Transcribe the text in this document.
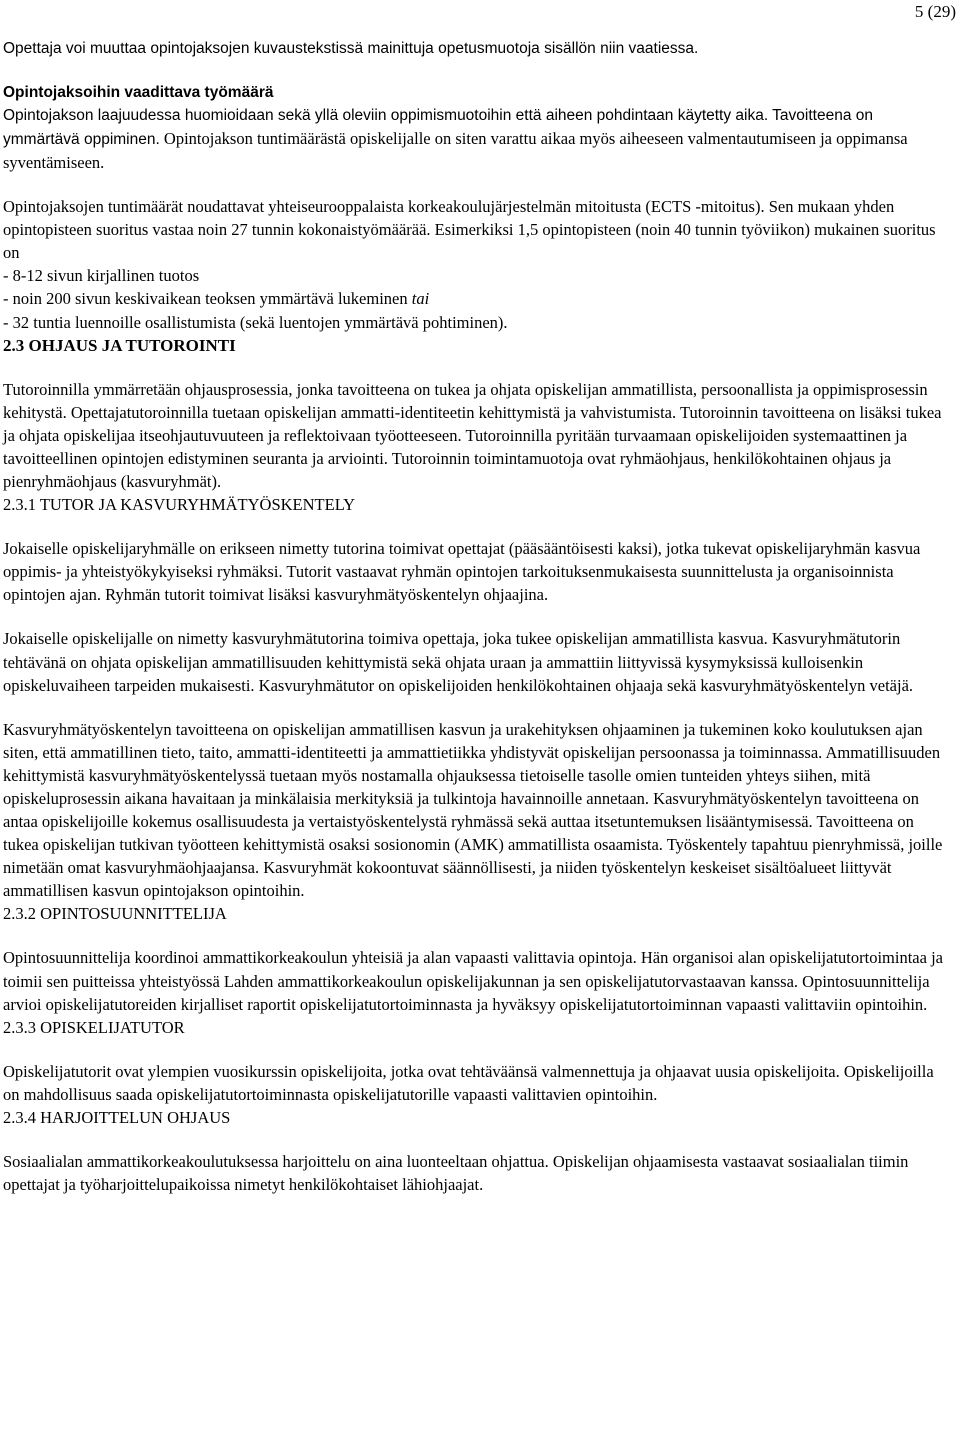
5 (29)

Opettaja voi muuttaa opintojaksojen kuvaustekstissä mainittuja opetusmuotoja sisällön niin vaatiessa.

Opintojaksoihin vaadittava työmäärä

Opintojakson laajuudessa huomioidaan sekä yllä oleviin oppimismuotoihin että aiheen pohdintaan käytetty aika. Tavoitteena on ymmärtävä oppiminen. Opintojakson tuntimäärästä opiskelijalle on siten varattu aikaa myös aiheeseen valmentautumiseen ja oppimansa syventämiseen.

Opintojaksojen tuntimäärät noudattavat yhteiseurooppalaista korkeakoulujärjestelmän mitoitusta (ECTS -mitoitus). Sen mukaan yhden opintopisteen suoritus vastaa noin 27 tunnin kokonaistyömäärää. Esimerkiksi 1,5 opintopisteen (noin 40 tunnin työviikon) mukainen suoritus on
- 8-12 sivun kirjallinen tuotos
- noin 200 sivun keskivaikean teoksen ymmärtävä lukeminen tai
- 32 tuntia luennoille osallistumista (sekä luentojen ymmärtävä pohtiminen).
2.3 OHJAUS JA TUTOROINTI

Tutoroinnilla ymmärretään ohjausprosessia, jonka tavoitteena on tukea ja ohjata opiskelijan ammatillista, persoonallista ja oppimisprosessin kehitystä. Opettajatutoroinnilla tuetaan opiskelijan ammatti-identiteetin kehittymistä ja vahvistumista. Tutoroinnin tavoitteena on lisäksi tukea ja ohjata opiskelijaa itseohjautuvuuteen ja reflektoivaan työotteeseen. Tutoroinnilla pyritään turvaamaan opiskelijoiden systemaattinen ja tavoitteellinen opintojen edistyminen seuranta ja arviointi. Tutoroinnin toimintamuotoja ovat ryhmäohjaus, henkilökohtainen ohjaus ja pienryhmäohjaus (kasvuryhmät).

2.3.1 TUTOR JA KASVURYHMÄTYÖSKENTELY

Jokaiselle opiskelijaryhmälle on erikseen nimetty tutorina toimivat opettajat (pääsääntöisesti kaksi), jotka tukevat opiskelijaryhmän kasvua oppimis- ja yhteistyökykyiseksi ryhmäksi. Tutorit vastaavat ryhmän opintojen tarkoituksenmukaisesta suunnittelusta ja organisoinnista opintojen ajan. Ryhmän tutorit toimivat lisäksi kasvuryhmätyöskentelyn ohjaajina.

Jokaiselle opiskelijalle on nimetty kasvuryhmätutorina toimiva opettaja, joka tukee opiskelijan ammatillista kasvua. Kasvuryhmätutorin tehtävänä on ohjata opiskelijan ammatillisuuden kehittymistä sekä ohjata uraan ja ammattiin liittyvissä kysymyksissä kulloisenkin opiskeluvaiheen tarpeiden mukaisesti. Kasvuryhmätutor on opiskelijoiden henkilökohtainen ohjaaja sekä kasvuryhmätyöskentelyn vetäjä.

Kasvuryhmätyöskentelyn tavoitteena on opiskelijan ammatillisen kasvun ja urakehityksen ohjaaminen ja tukeminen koko koulutuksen ajan siten, että ammatillinen tieto, taito, ammatti-identiteetti ja ammattietiikka yhdistyvät opiskelijan persoonassa ja toiminnassa. Ammatillisuuden kehittymistä kasvuryhmätyöskentelyssä tuetaan myös nostamalla ohjauksessa tietoiselle tasolle omien tunteiden yhteys siihen, mitä opiskeluprosessin aikana havaitaan ja minkälaisia merkityksiä ja tulkintoja havainnoille annetaan. Kasvuryhmätyöskentelyn tavoitteena on antaa opiskelijoille kokemus osallisuudesta ja vertaistyöskentelystä ryhmässä sekä auttaa itsetuntemuksen lisääntymisessä. Tavoitteena on tukea opiskelijan tutkivan työotteen kehittymistä osaksi sosionomin (AMK) ammatillista osaamista. Työskentely tapahtuu pienryhmissä, joille nimetään omat kasvuryhmäohjaajansa. Kasvuryhmät kokoontuvat säännöllisesti, ja niiden työskentelyn keskeiset sisältöalueet liittyvät ammatillisen kasvun opintojakson opintoihin.

2.3.2 OPINTOSUUNNITTELIJA

Opintosuunnittelija koordinoi ammattikorkeakoulun yhteisiä ja alan vapaasti valittavia opintoja. Hän organisoi alan opiskelijatutortoimintaa ja toimii sen puitteissa yhteistyössä Lahden ammattikorkeakoulun opiskelijakunnan ja sen opiskelijatutorvastaavan kanssa. Opintosuunnittelija arvioi opiskelijatutoreiden kirjalliset raportit opiskelijatutortoiminnasta ja hyväksyy opiskelijatutortoiminnan vapaasti valittaviin opintoihin.

2.3.3 OPISKELIJATUTOR

Opiskelijatutorit ovat ylempien vuosikurssin opiskelijoita, jotka ovat tehtäväänsä valmennettuja ja ohjaavat uusia opiskelijoita. Opiskelijoilla on mahdollisuus saada opiskelijatutortoiminnasta opiskelijatutorille vapaasti valittavien opintoihin.

2.3.4 HARJOITTELUN OHJAUS

Sosiaalialan ammattikorkeakoulutuksessa harjoittelu on aina luonteeltaan ohjattua. Opiskelijan ohjaamisesta vastaavat sosiaalialan tiimin opettajat ja työharjoittelupaikoissa nimetyt henkilökohtaiset lähiohjaajat.
